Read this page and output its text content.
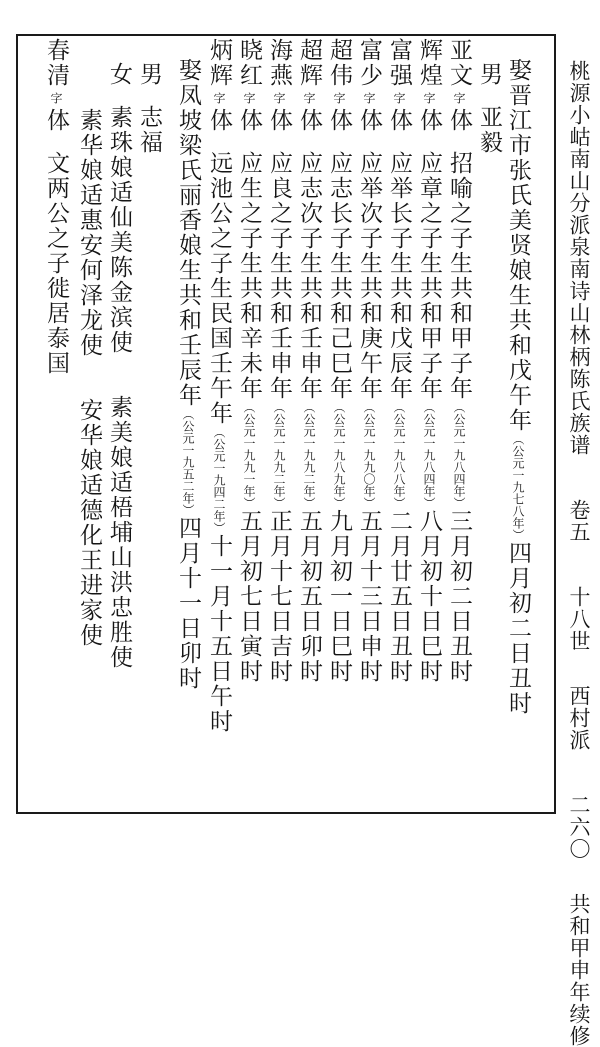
桃源小岵南山分派泉南诗山林柄陈氏族谱 卷五 十八世 西村派 二六〇 共和甲申年续修
娶晋江市张氏美贤娘生共和戊午年（公元一九七八年）四月初二日丑时
男亚毅
亚文字体招喻之子生共和甲子年（公元一九八四年）三月初二日丑时
辉煌字体应章之子生共和甲子年（公元一九八四年）八月初十日巳时
富强字体应举长子生共和戊辰年（公元一九八八年）二月廿五日丑时
富少字体应举次子生共和庚午年（公元一九九〇年）五月十三日申时
超伟字体应志长子生共和己巳年（公元一九八九年）九月初一日巳时
超辉字体应志次子生共和壬申年（公元一九九二年）五月初五日卯时
海燕字体应良之子生共和壬申年（公元一九九二年）正月十七日吉时
晓红字体应生之子生共和辛未年（公元一九九一年）五月初七日寅时
炳辉字体远池公之子生民国壬午年（公元一九四二年）十一月十五日午时
娶凤坡梁氏丽香娘生共和壬辰年（公元一九五二年）四月十一日卯时
男志福
女素珠娘适仙美陈金滨使素美娘适梧埔山洪忠胜使
素华娘适惠安何泽龙使安华娘适德化王进家使
春清字体文两公之子徙居泰国
